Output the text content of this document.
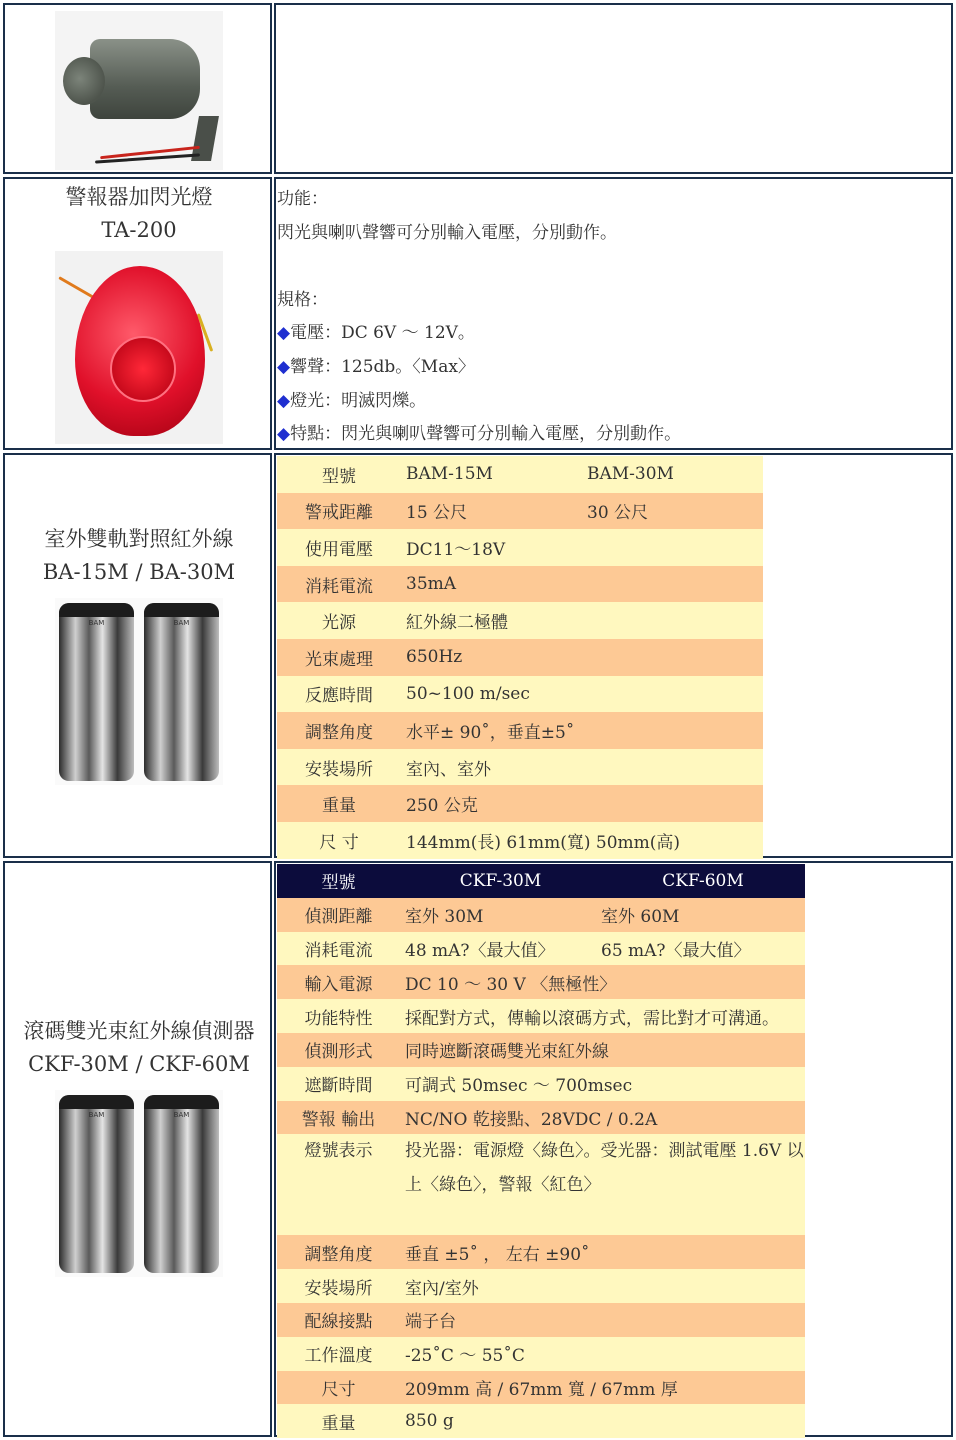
警報器加閃光燈
TA-200
功能：
閃光與喇叭聲響可分別輸入電壓，分別動作。
規格：
◆電壓：DC 6V ～ 12V。
◆響聲：125db。〈Max〉
◆燈光：明滅閃爍。
◆特點：閃光與喇叭聲響可分別輸入電壓，分別動作。
室外雙軌對照紅外線
BA-15M / BA-30M
BAM	BAM
型號	BAM-15M	BAM-30M
警戒距離	15 公尺	30 公尺
使用電壓	DC11～18V	
消耗電流	35mA	
光源	紅外線二極體	
光束處理	650Hz	
反應時間	50~100 m/sec	
調整角度	水平± 90˚，垂直±5˚	
安裝場所	室內、室外	
重量	250 公克	
尺 寸	144mm(長) 61mm(寬) 50mm(高)	
滾碼雙光束紅外線偵測器
CKF-30M / CKF-60M
BAM	BAM
型號	CKF-30M	CKF-60M
偵測距離	室外 30M	室外 60M
消耗電流	48 mA?〈最大值〉	65 mA?〈最大值〉
輸入電源	DC 10 ～ 30 V 〈無極性〉	
功能特性	採配對方式，傳輸以滾碼方式，需比對才可溝通。	
偵測形式	同時遮斷滾碼雙光束紅外線	
遮斷時間	可調式 50msec ～ 700msec	
警報 輸出	NC/NO 乾接點、28VDC / 0.2A	
燈號表示	投光器：電源燈〈綠色〉。受光器：測試電壓 1.6V 以上〈綠色〉，警報〈紅色〉	
調整角度	垂直 ±5˚ ， 左右 ±90˚	
安裝場所	室內/室外	
配線接點	端子台	
工作溫度	-25˚C ～ 55˚C	
尺寸	209mm 高 / 67mm 寬 / 67mm 厚	
重量	850 g	
